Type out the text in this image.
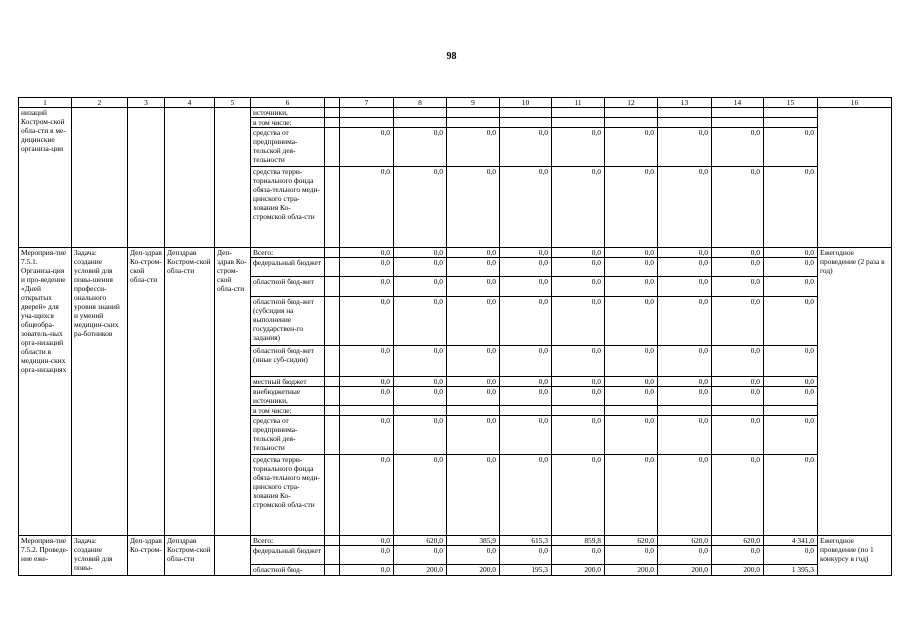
98
1	2	3	4	5	6		7	8	9	10	11	12	13	14	15	16
низаций Костром-ской обла-сти в ме-дицинские организа-ции					источники,											
					в том числе:											
					средства от предпринима-тельской дея-тельности		0,0	0,0	0,0	0,0	0,0	0,0	0,0	0,0	0,0	
					средства терри-ториального фонда обяза-тельного меди-цинского стра-хования Ко-стромской обла-сти		0,0	0,0	0,0	0,0	0,0	0,0	0,0	0,0	0,0	
Мероприя-тие 7.5.1. Организа-ция и про-ведение «Дней открытых дверей» для уча-щихся общеобра-зователь-ных орга-низаций области в медицин-ских орга-низациях	Задача: создание условий для повы-шения професси-онального уровня знаний и умений медицин-ских ра-ботников	Деп-здрав Ко-стром-ской обла-сти	Депздрав Костром-ской обла-сти	Деп-здрав Ко-стром-ской обла-сти	Всего:		0,0	0,0	0,0	0,0	0,0	0,0	0,0	0,0	0,0	Ежегодное проведение (2 раза в год)
					федеральный бюджет		0,0	0,0	0,0	0,0	0,0	0,0	0,0	0,0	0,0	
					областной бюд-жет		0,0	0,0	0,0	0,0	0,0	0,0	0,0	0,0	0,0	
					областной бюд-жет (субсидия на выполнение государствен-го задания)		0,0	0,0	0,0	0,0	0,0	0,0	0,0	0,0	0,0	
					областной бюд-жет (иные суб-сидии)		0,0	0,0	0,0	0,0	0,0	0,0	0,0	0,0	0,0	
					местный бюджет		0,0	0,0	0,0	0,0	0,0	0,0	0,0	0,0	0,0	
					внебюджетные источники,		0,0	0,0	0,0	0,0	0,0	0,0	0,0	0,0	0,0	
					в том числе:											
					средства от предпринима-тельской дея-тельности		0,0	0,0	0,0	0,0	0,0	0,0	0,0	0,0	0,0	
					средства терри-ториального фонда обяза-тельного меди-цинского стра-хования Ко-стромской обла-сти		0,0	0,0	0,0	0,0	0,0	0,0	0,0	0,0	0,0	
Мероприя-тие 7.5.2. Проведе-ние еже-	Задача: создание условий для повы-	Деп-здрав Ко-стром-	Депздрав Костром-ской обла-сти		Всего:		0,0	620,0	385,9	615,3	859,8	620,0	620,0	620,0	4 341,0	Ежегодное проведение (по 1 конкурсу в год)
					федеральный бюджет		0,0	0,0	0,0	0,0	0,0	0,0	0,0	0,0	0,0	
					областной бюд-		0,0	200,0	200,0	195,3	200,0	200,0	200,0	200,0	1 395,3	
